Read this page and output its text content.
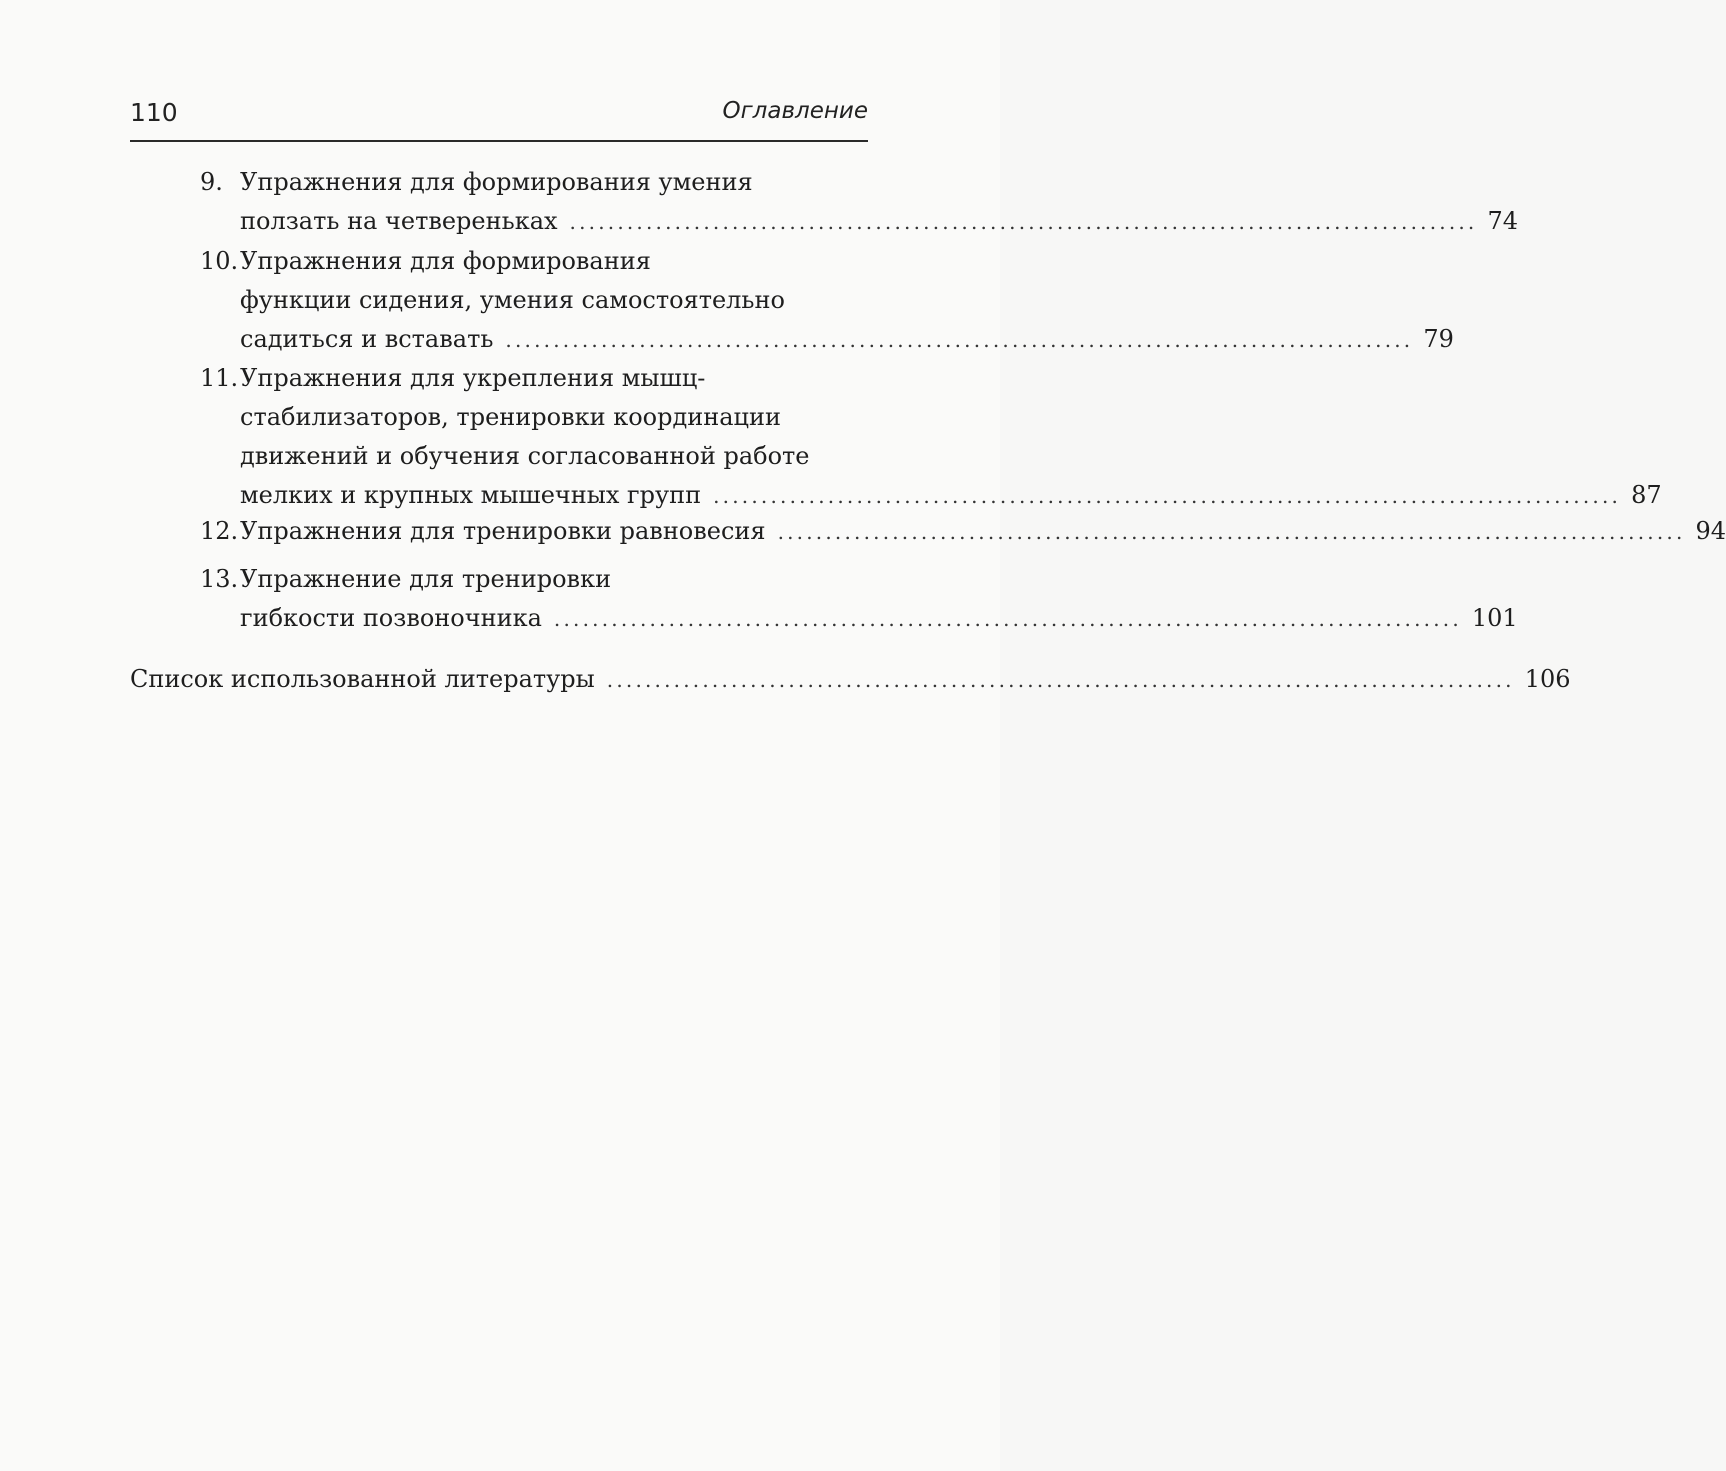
110	Оглавление
9. Упражнения для формирования умения
ползать на четвереньках ............................................................................................... 74
10. Упражнения для формирования
функции сидения, умения самостоятельно
садиться и вставать ............................................................................................... 79
11. Упражнения для укрепления мышц-
стабилизаторов, тренировки координации
движений и обучения согласованной работе
мелких и крупных мышечных групп ............................................................................................... 87
12. Упражнения для тренировки равновесия ............................................................................................... 94
13. Упражнение для тренировки
гибкости позвоночника ............................................................................................... 101
Список использованной литературы ............................................................................................... 106
